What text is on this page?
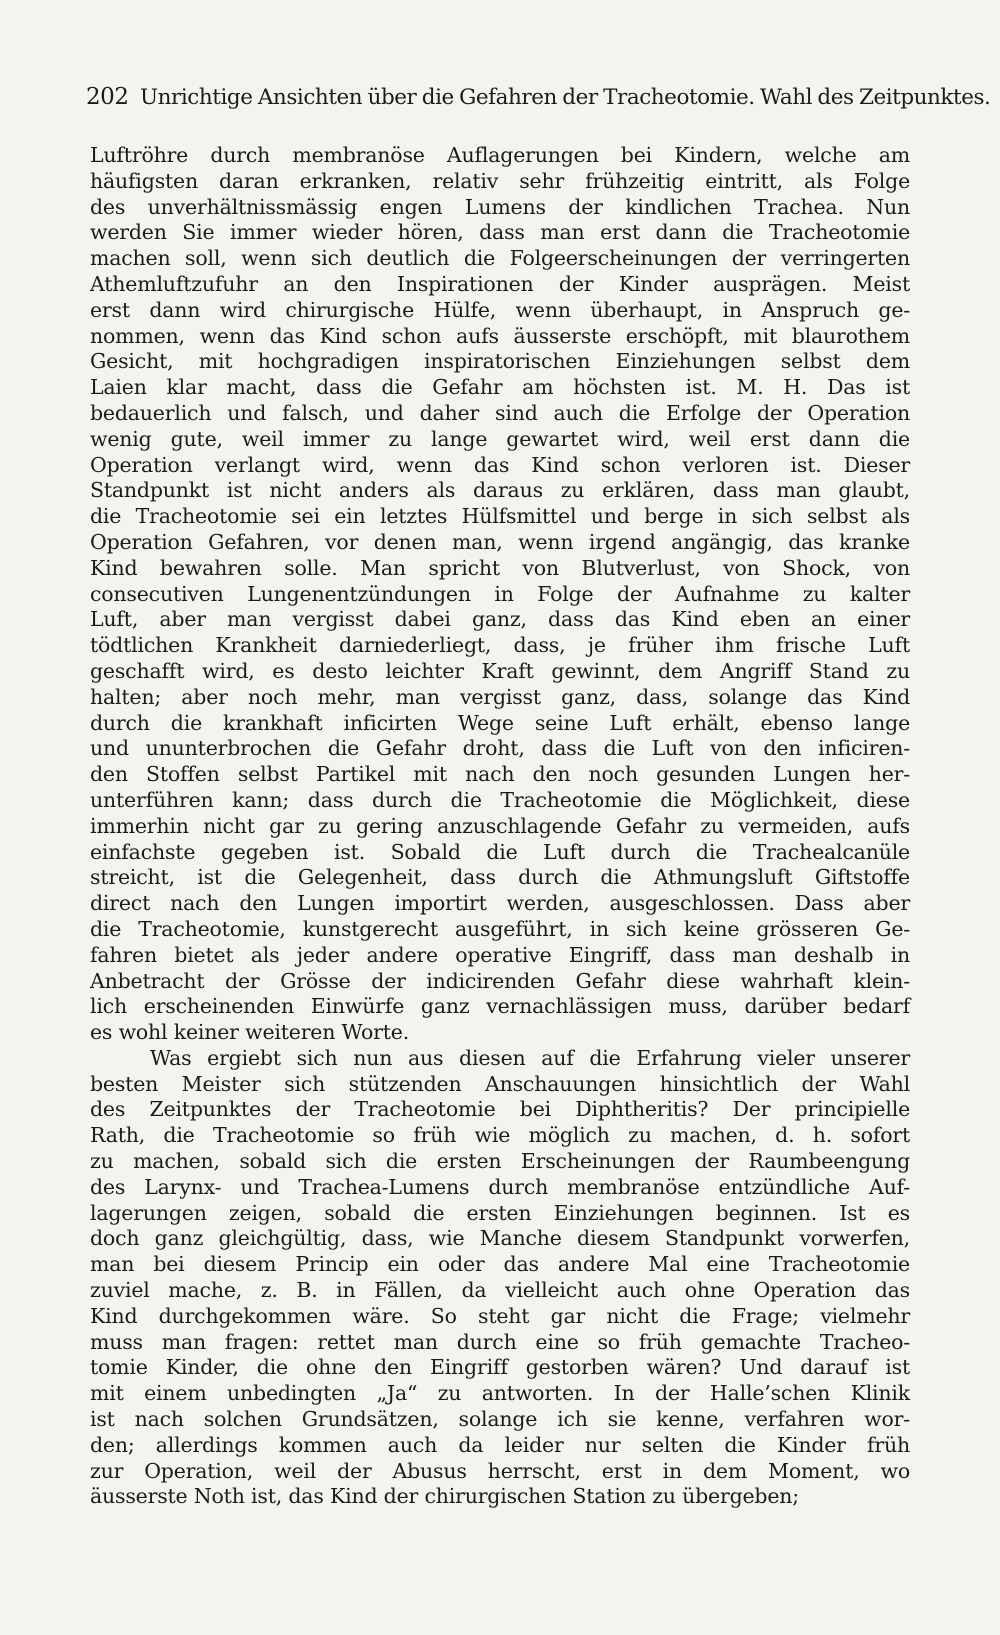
202 Unrichtige Ansichten über die Gefahren der Tracheotomie. Wahl des Zeitpunktes.
Luftröhre durch membranöse Auflagerungen bei Kindern, welche am
häufigsten daran erkranken, relativ sehr frühzeitig eintritt, als Folge
des unverhältnissmässig engen Lumens der kindlichen Trachea. Nun
werden Sie immer wieder hören, dass man erst dann die Tracheotomie
machen soll, wenn sich deutlich die Folgeerscheinungen der verringerten
Athemluftzufuhr an den Inspirationen der Kinder ausprägen. Meist
erst dann wird chirurgische Hülfe, wenn überhaupt, in Anspruch ge-
nommen, wenn das Kind schon aufs äusserste erschöpft, mit blaurothem
Gesicht, mit hochgradigen inspiratorischen Einziehungen selbst dem
Laien klar macht, dass die Gefahr am höchsten ist. M. H. Das ist
bedauerlich und falsch, und daher sind auch die Erfolge der Operation
wenig gute, weil immer zu lange gewartet wird, weil erst dann die
Operation verlangt wird, wenn das Kind schon verloren ist. Dieser
Standpunkt ist nicht anders als daraus zu erklären, dass man glaubt,
die Tracheotomie sei ein letztes Hülfsmittel und berge in sich selbst als
Operation Gefahren, vor denen man, wenn irgend angängig, das kranke
Kind bewahren solle. Man spricht von Blutverlust, von Shock, von
consecutiven Lungenentzündungen in Folge der Aufnahme zu kalter
Luft, aber man vergisst dabei ganz, dass das Kind eben an einer
tödtlichen Krankheit darniederliegt, dass, je früher ihm frische Luft
geschafft wird, es desto leichter Kraft gewinnt, dem Angriff Stand zu
halten; aber noch mehr, man vergisst ganz, dass, solange das Kind
durch die krankhaft inficirten Wege seine Luft erhält, ebenso lange
und ununterbrochen die Gefahr droht, dass die Luft von den inficiren-
den Stoffen selbst Partikel mit nach den noch gesunden Lungen her-
unterführen kann; dass durch die Tracheotomie die Möglichkeit, diese
immerhin nicht gar zu gering anzuschlagende Gefahr zu vermeiden, aufs
einfachste gegeben ist. Sobald die Luft durch die Trachealcanüle
streicht, ist die Gelegenheit, dass durch die Athmungsluft Giftstoffe
direct nach den Lungen importirt werden, ausgeschlossen. Dass aber
die Tracheotomie, kunstgerecht ausgeführt, in sich keine grösseren Ge-
fahren bietet als jeder andere operative Eingriff, dass man deshalb in
Anbetracht der Grösse der indicirenden Gefahr diese wahrhaft klein-
lich erscheinenden Einwürfe ganz vernachlässigen muss, darüber bedarf
es wohl keiner weiteren Worte.
Was ergiebt sich nun aus diesen auf die Erfahrung vieler unserer
besten Meister sich stützenden Anschauungen hinsichtlich der Wahl
des Zeitpunktes der Tracheotomie bei Diphtheritis? Der principielle
Rath, die Tracheotomie so früh wie möglich zu machen, d. h. sofort
zu machen, sobald sich die ersten Erscheinungen der Raumbeengung
des Larynx- und Trachea-Lumens durch membranöse entzündliche Auf-
lagerungen zeigen, sobald die ersten Einziehungen beginnen. Ist es
doch ganz gleichgültig, dass, wie Manche diesem Standpunkt vorwerfen,
man bei diesem Princip ein oder das andere Mal eine Tracheotomie
zuviel mache, z. B. in Fällen, da vielleicht auch ohne Operation das
Kind durchgekommen wäre. So steht gar nicht die Frage; vielmehr
muss man fragen: rettet man durch eine so früh gemachte Tracheo-
tomie Kinder, die ohne den Eingriff gestorben wären? Und darauf ist
mit einem unbedingten „Ja“ zu antworten. In der Halle’schen Klinik
ist nach solchen Grundsätzen, solange ich sie kenne, verfahren wor-
den; allerdings kommen auch da leider nur selten die Kinder früh
zur Operation, weil der Abusus herrscht, erst in dem Moment, wo
äusserste Noth ist, das Kind der chirurgischen Station zu übergeben;
